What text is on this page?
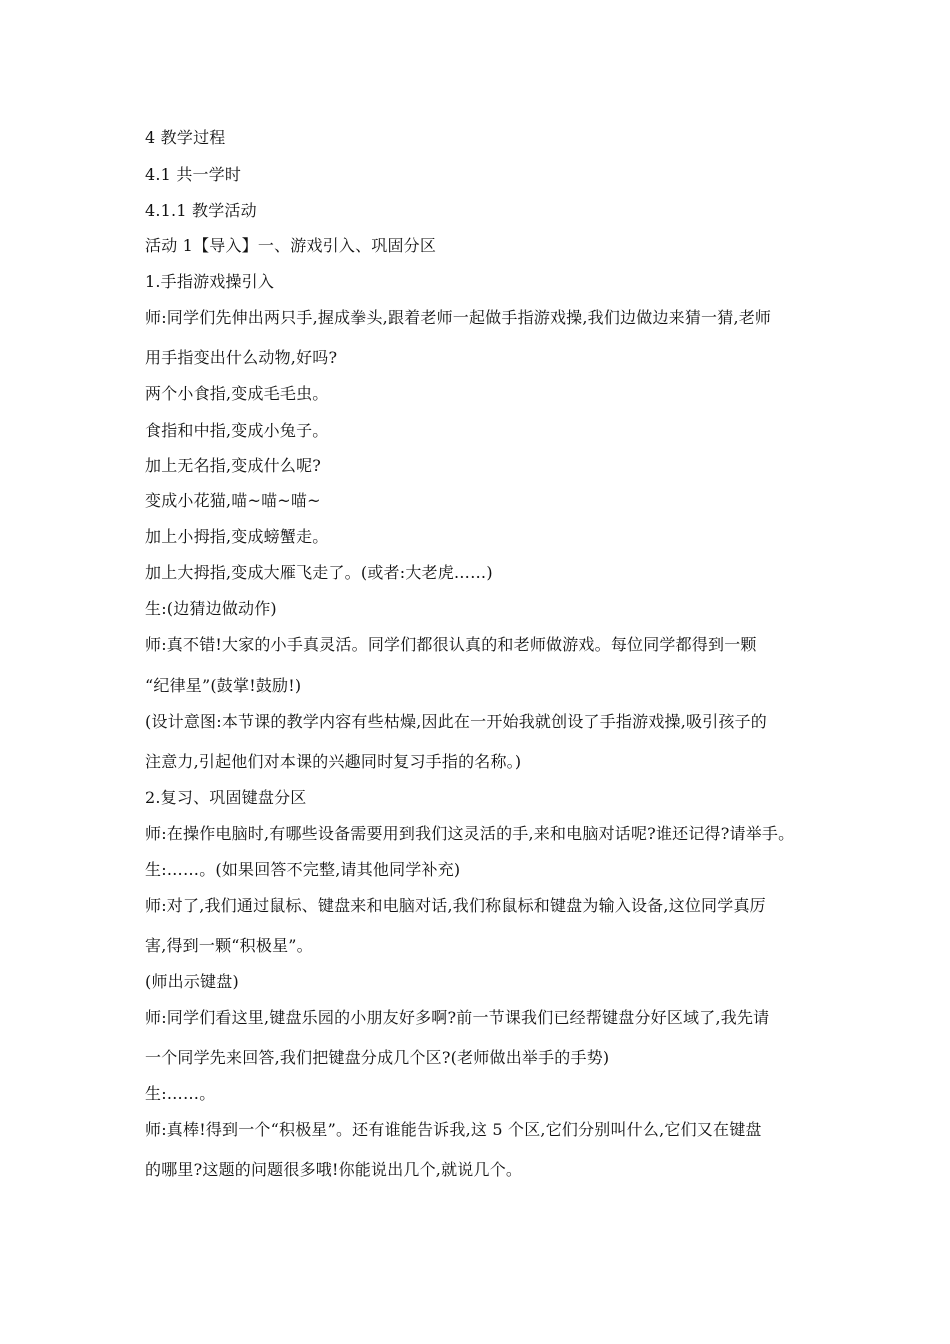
4 教学过程
4.1 共一学时
4.1.1 教学活动
活动 1【导入】一、游戏引入、巩固分区
1.手指游戏操引入
师:同学们先伸出两只手,握成拳头,跟着老师一起做手指游戏操,我们边做边来猜一猜,老师
用手指变出什么动物,好吗?
两个小食指,变成毛毛虫。
食指和中指,变成小兔子。
加上无名指,变成什么呢?
变成小花猫,喵~喵~喵~
加上小拇指,变成螃蟹走。
加上大拇指,变成大雁飞走了。(或者:大老虎……)
生:(边猜边做动作)
师:真不错!大家的小手真灵活。同学们都很认真的和老师做游戏。每位同学都得到一颗
“纪律星”(鼓掌!鼓励!)
(设计意图:本节课的教学内容有些枯燥,因此在一开始我就创设了手指游戏操,吸引孩子的
注意力,引起他们对本课的兴趣同时复习手指的名称。)
2.复习、巩固键盘分区
师:在操作电脑时,有哪些设备需要用到我们这灵活的手,来和电脑对话呢?谁还记得?请举手。
生:……。(如果回答不完整,请其他同学补充)
师:对了,我们通过鼠标、键盘来和电脑对话,我们称鼠标和键盘为输入设备,这位同学真厉
害,得到一颗“积极星”。
(师出示键盘)
师:同学们看这里,键盘乐园的小朋友好多啊?前一节课我们已经帮键盘分好区域了,我先请
一个同学先来回答,我们把键盘分成几个区?(老师做出举手的手势)
生:……。
师:真棒!得到一个“积极星”。还有谁能告诉我,这 5 个区,它们分别叫什么,它们又在键盘
的哪里?这题的问题很多哦!你能说出几个,就说几个。
